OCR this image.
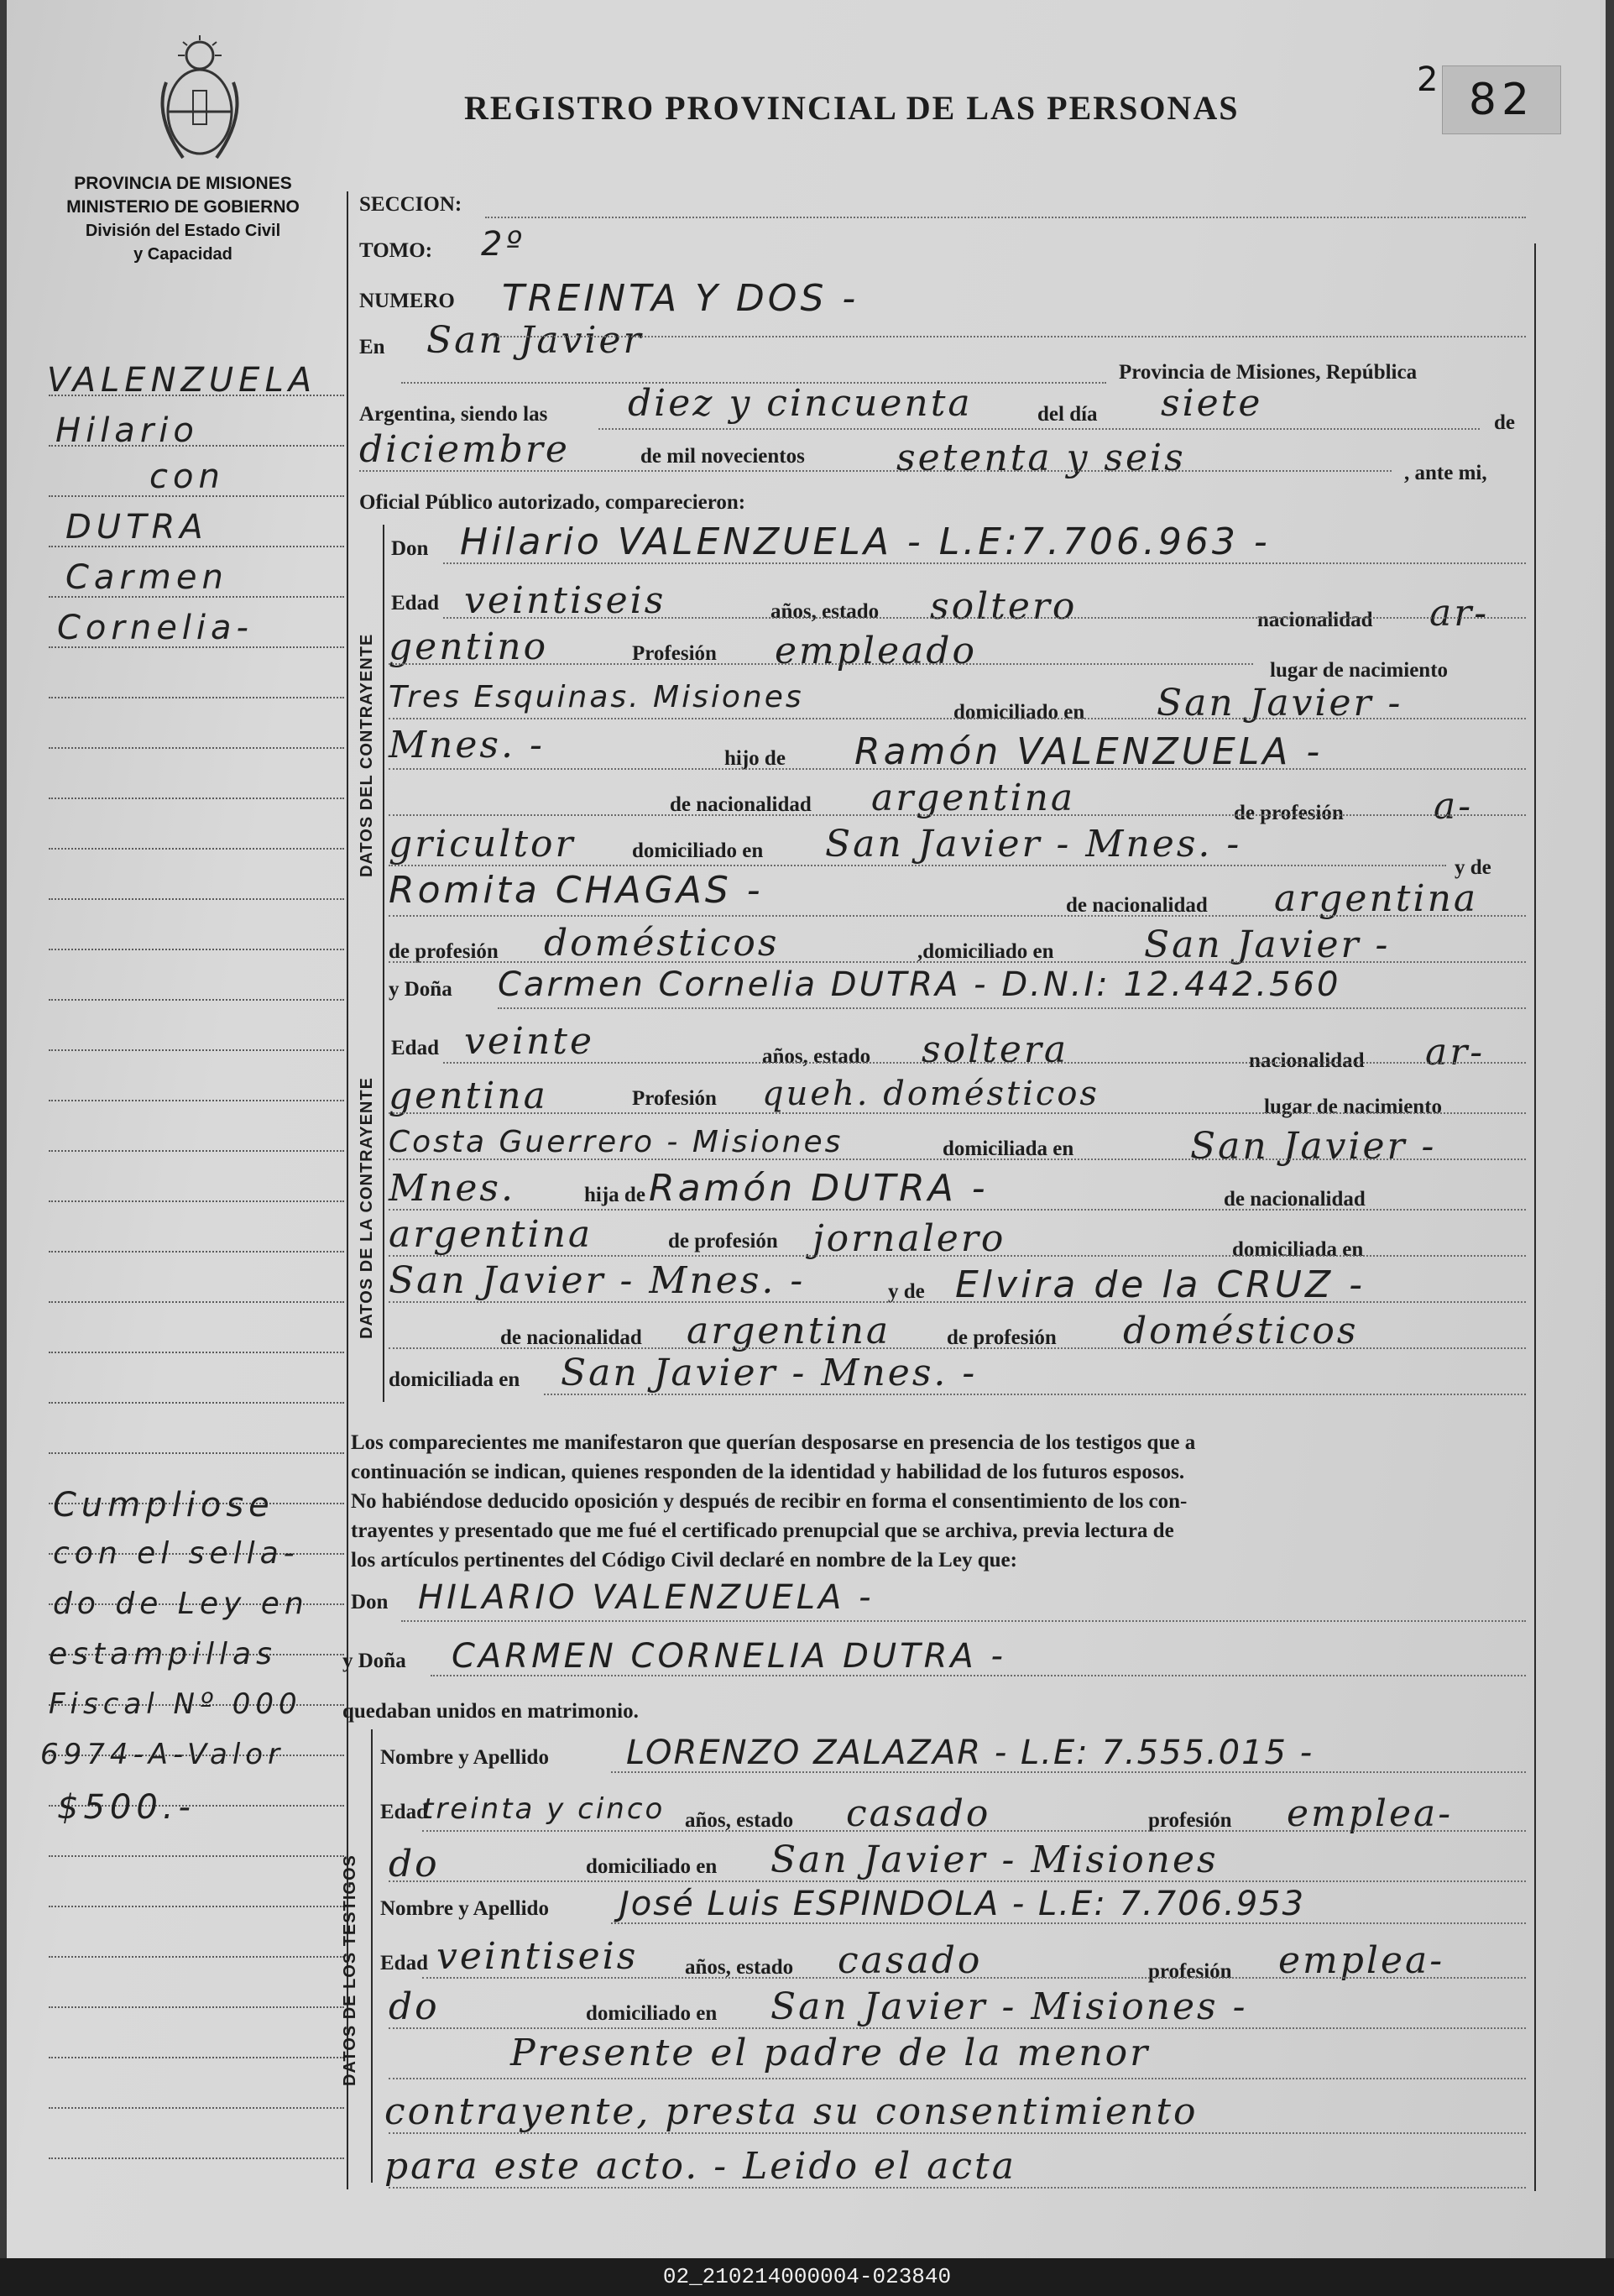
PROVINCIA DE MISIONES
MINISTERIO DE GOBIERNO
División del Estado Civil
y Capacidad
REGISTRO PROVINCIAL DE LAS PERSONAS
2 82
VALENZUELA
Hilario
con
DUTRA
Carmen
Cornelia-
Cumpliose
con el sella-
do de Ley en
estampillas
Fiscal Nº 000
6974-A-Valor
$500.-
SECCION:
TOMO: 2º
NUMERO TREINTA Y DOS -
En San Javier
Provincia de Misiones, República
Argentina, siendo las diez y cincuenta	del día siete	de
diciembre	de mil novecientos setenta y seis	, ante mi,
Oficial Público autorizado, comparecieron:
DATOS DEL CONTRAYENTE
Don Hilario VALENZUELA - L.E:7.706.963 -
Edad veintiseis	años, estado soltero	nacionalidad ar-
gentino	Profesión empleado	lugar de nacimiento
Tres Esquinas. Misiones	domiciliado en San Javier -
Mnes. -	hijo de Ramón VALENZUELA -
de nacionalidad argentina	de profesión a-
gricultor	domiciliado en San Javier - Mnes. -
y de
Romita CHAGAS -	de nacionalidad argentina
de profesión domésticos	,domiciliado en San Javier -
DATOS DE LA CONTRAYENTE
y Doña Carmen Cornelia DUTRA - D.N.I: 12.442.560
Edad veinte	años, estado soltera	nacionalidad ar-
gentina	Profesión queh. domésticos	lugar de nacimiento
Costa Guerrero - Misiones	domiciliada en	San Javier -
Mnes.	hija de Ramón DUTRA -	de nacionalidad
argentina	de profesión jornalero	domiciliada en
San Javier - Mnes. -	y de Elvira de la CRUZ -
de nacionalidad argentina	de profesión domésticos
domiciliada en San Javier - Mnes. -
Los comparecientes me manifestaron que querían desposarse en presencia de los testigos que a
continuación se indican, quienes responden de la identidad y habilidad de los futuros esposos.
No habiéndose deducido oposición y después de recibir en forma el consentimiento de los con-
trayentes y presentado que me fué el certificado prenupcial que se archiva, previa lectura de
los artículos pertinentes del Código Civil declaré en nombre de la Ley que:
Don HILARIO VALENZUELA -
y Doña CARMEN CORNELIA DUTRA -
quedaban unidos en matrimonio.
DATOS DE LOS TESTIGOS
Nombre y Apellido LORENZO ZALAZAR - L.E: 7.555.015 -
Edad
treinta y cinco años, estado casado	profesión emplea-
do	domiciliado en San Javier - Misiones
Nombre y Apellido José Luis ESPINDOLA - L.E: 7.706.953
Edad veintiseis años, estado casado	profesión emplea-
do	domiciliado en San Javier - Misiones -
Presente el padre de la menor
contrayente, presta su consentimiento
para este acto. - Leido el acta
02_210214000004-023840
